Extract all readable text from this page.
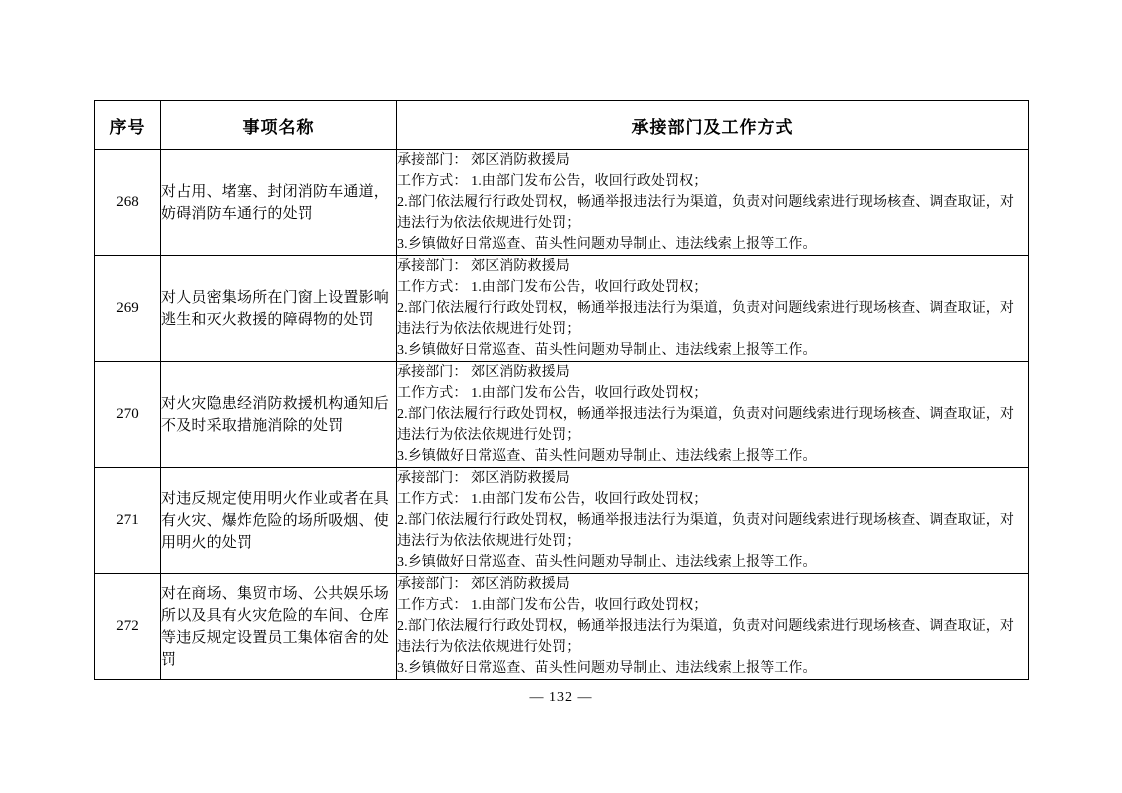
序号	事项名称	承接部门及工作方式
268	对占用、堵塞、封闭消防车通道，妨碍消防车通行的处罚	承接部门： 郊区消防救援局
工作方式： 1.由部门发布公告，收回行政处罚权；
2.部门依法履行行政处罚权，畅通举报违法行为渠道，负责对问题线索进行现场核查、调查取证，对违法行为依法依规进行处罚；
3.乡镇做好日常巡查、苗头性问题劝导制止、违法线索上报等工作。

269	对人员密集场所在门窗上设置影响逃生和灭火救援的障碍物的处罚	承接部门： 郊区消防救援局
工作方式： 1.由部门发布公告，收回行政处罚权；
2.部门依法履行行政处罚权，畅通举报违法行为渠道，负责对问题线索进行现场核查、调查取证，对违法行为依法依规进行处罚；
3.乡镇做好日常巡查、苗头性问题劝导制止、违法线索上报等工作。

270	对火灾隐患经消防救援机构通知后不及时采取措施消除的处罚	承接部门： 郊区消防救援局
工作方式： 1.由部门发布公告，收回行政处罚权；
2.部门依法履行行政处罚权，畅通举报违法行为渠道，负责对问题线索进行现场核查、调查取证，对违法行为依法依规进行处罚；
3.乡镇做好日常巡查、苗头性问题劝导制止、违法线索上报等工作。

271	对违反规定使用明火作业或者在具有火灾、爆炸危险的场所吸烟、使用明火的处罚	承接部门： 郊区消防救援局
工作方式： 1.由部门发布公告，收回行政处罚权；
2.部门依法履行行政处罚权，畅通举报违法行为渠道，负责对问题线索进行现场核查、调查取证，对违法行为依法依规进行处罚；
3.乡镇做好日常巡查、苗头性问题劝导制止、违法线索上报等工作。

272	对在商场、集贸市场、公共娱乐场所以及具有火灾危险的车间、仓库等违反规定设置员工集体宿舍的处罚	承接部门： 郊区消防救援局
工作方式： 1.由部门发布公告，收回行政处罚权；
2.部门依法履行行政处罚权，畅通举报违法行为渠道，负责对问题线索进行现场核查、调查取证，对违法行为依法依规进行处罚；
3.乡镇做好日常巡查、苗头性问题劝导制止、违法线索上报等工作。
— 132 —
